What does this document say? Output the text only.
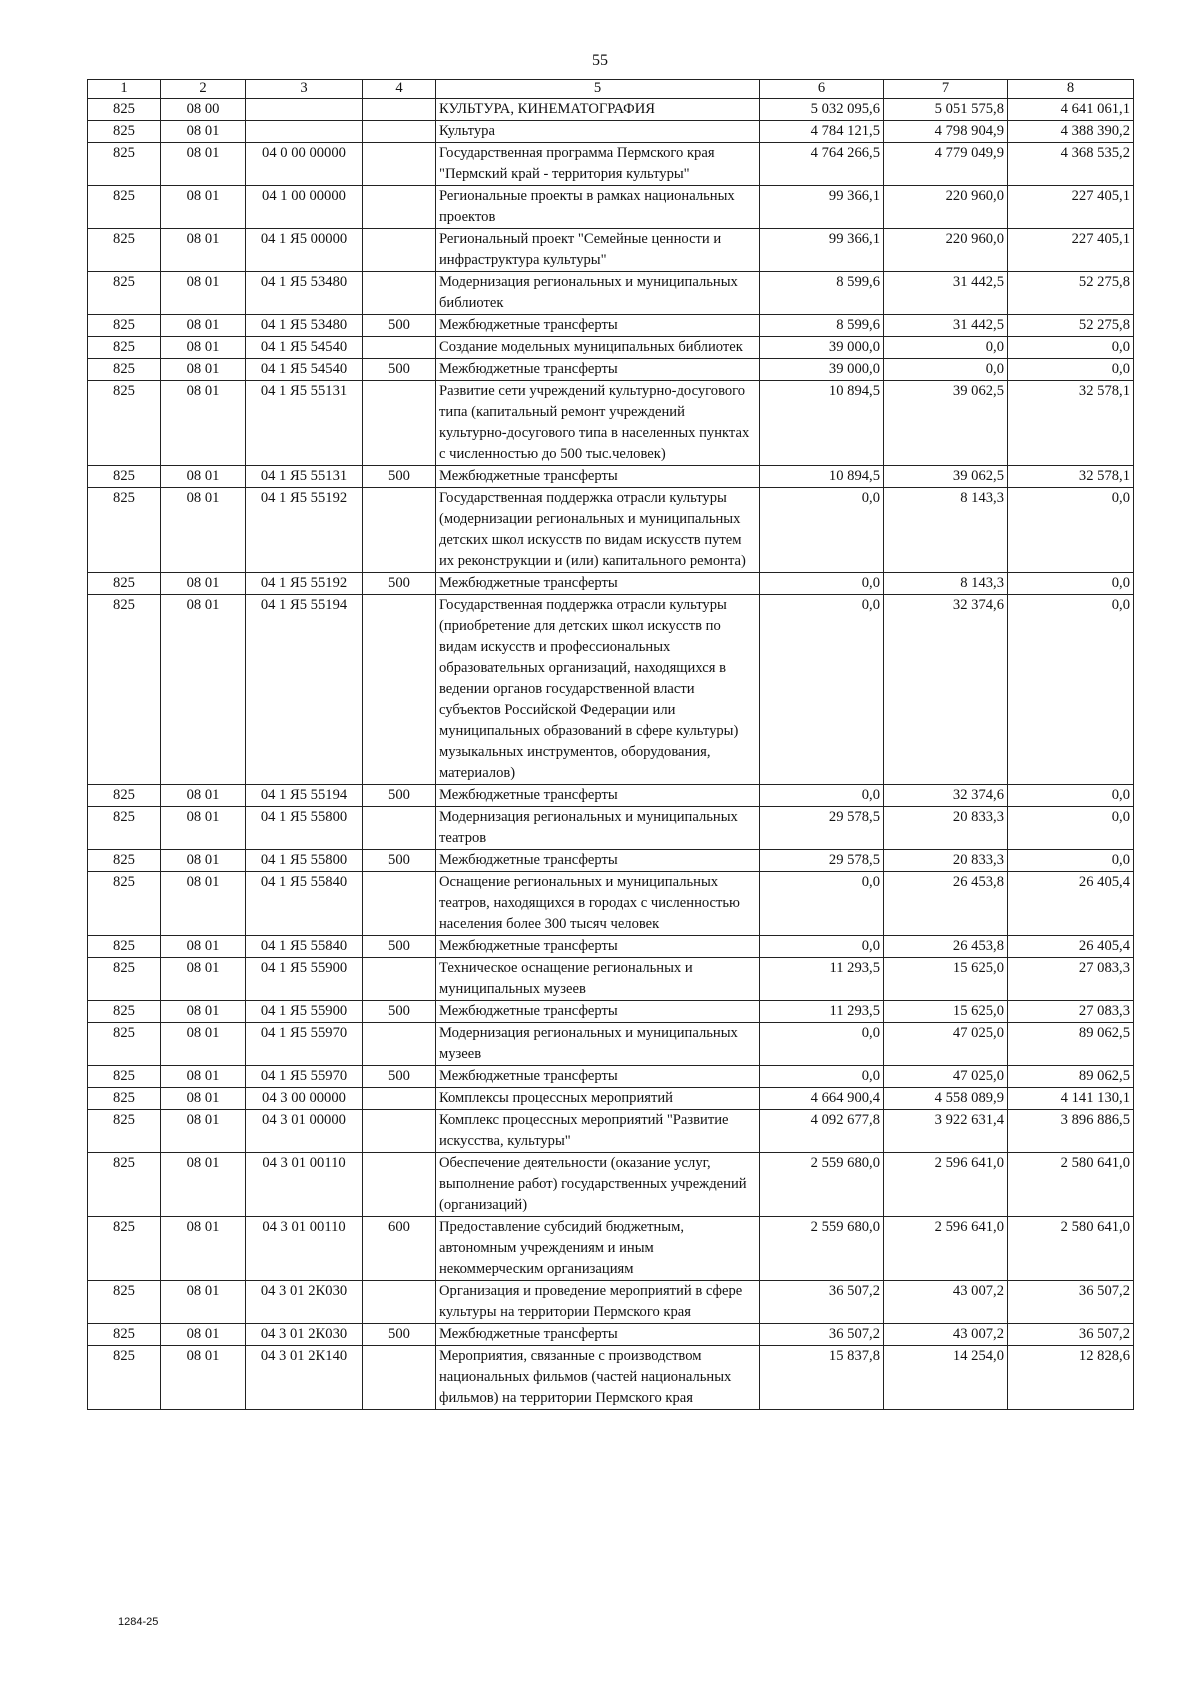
55
1	2	3	4	5	6	7	8
825	08 00			КУЛЬТУРА, КИНЕМАТОГРАФИЯ	5 032 095,6	5 051 575,8	4 641 061,1
825	08 01			Культура	4 784 121,5	4 798 904,9	4 388 390,2
825	08 01	04 0 00 00000		Государственная программа Пермского края "Пермский край - территория культуры"	4 764 266,5	4 779 049,9	4 368 535,2
825	08 01	04 1 00 00000		Региональные проекты в рамках национальных проектов	99 366,1	220 960,0	227 405,1
825	08 01	04 1 Я5 00000		Региональный проект "Семейные ценности и инфраструктура культуры"	99 366,1	220 960,0	227 405,1
825	08 01	04 1 Я5 53480		Модернизация региональных и муниципальных библиотек	8 599,6	31 442,5	52 275,8
825	08 01	04 1 Я5 53480	500	Межбюджетные трансферты	8 599,6	31 442,5	52 275,8
825	08 01	04 1 Я5 54540		Создание модельных муниципальных библиотек	39 000,0	0,0	0,0
825	08 01	04 1 Я5 54540	500	Межбюджетные трансферты	39 000,0	0,0	0,0
825	08 01	04 1 Я5 55131		Развитие сети учреждений культурно-досугового типа (капитальный ремонт учреждений культурно-досугового типа в населенных пунктах с численностью до 500 тыс.человек)	10 894,5	39 062,5	32 578,1
825	08 01	04 1 Я5 55131	500	Межбюджетные трансферты	10 894,5	39 062,5	32 578,1
825	08 01	04 1 Я5 55192		Государственная поддержка отрасли культуры (модернизации региональных и муниципальных детских школ искусств по видам искусств путем их реконструкции и (или) капитального ремонта)	0,0	8 143,3	0,0
825	08 01	04 1 Я5 55192	500	Межбюджетные трансферты	0,0	8 143,3	0,0
825	08 01	04 1 Я5 55194		Государственная поддержка отрасли культуры (приобретение для детских школ искусств по видам искусств и профессиональных образовательных организаций, находящихся в ведении органов государственной власти субъектов Российской Федерации или муниципальных образований в сфере культуры) музыкальных инструментов, оборудования, материалов)	0,0	32 374,6	0,0
825	08 01	04 1 Я5 55194	500	Межбюджетные трансферты	0,0	32 374,6	0,0
825	08 01	04 1 Я5 55800		Модернизация региональных и муниципальных театров	29 578,5	20 833,3	0,0
825	08 01	04 1 Я5 55800	500	Межбюджетные трансферты	29 578,5	20 833,3	0,0
825	08 01	04 1 Я5 55840		Оснащение региональных и муниципальных театров, находящихся в городах с численностью населения более 300 тысяч человек	0,0	26 453,8	26 405,4
825	08 01	04 1 Я5 55840	500	Межбюджетные трансферты	0,0	26 453,8	26 405,4
825	08 01	04 1 Я5 55900		Техническое оснащение региональных и муниципальных музеев	11 293,5	15 625,0	27 083,3
825	08 01	04 1 Я5 55900	500	Межбюджетные трансферты	11 293,5	15 625,0	27 083,3
825	08 01	04 1 Я5 55970		Модернизация региональных и муниципальных музеев	0,0	47 025,0	89 062,5
825	08 01	04 1 Я5 55970	500	Межбюджетные трансферты	0,0	47 025,0	89 062,5
825	08 01	04 3 00 00000		Комплексы процессных мероприятий	4 664 900,4	4 558 089,9	4 141 130,1
825	08 01	04 3 01 00000		Комплекс процессных мероприятий "Развитие искусства, культуры"	4 092 677,8	3 922 631,4	3 896 886,5
825	08 01	04 3 01 00110		Обеспечение деятельности (оказание услуг, выполнение работ) государственных учреждений (организаций)	2 559 680,0	2 596 641,0	2 580 641,0
825	08 01	04 3 01 00110	600	Предоставление субсидий бюджетным, автономным учреждениям и иным некоммерческим организациям	2 559 680,0	2 596 641,0	2 580 641,0
825	08 01	04 3 01 2К030		Организация и проведение мероприятий в сфере культуры на территории Пермского края	36 507,2	43 007,2	36 507,2
825	08 01	04 3 01 2К030	500	Межбюджетные трансферты	36 507,2	43 007,2	36 507,2
825	08 01	04 3 01 2К140		Мероприятия, связанные с производством национальных фильмов (частей национальных фильмов) на территории Пермского края	15 837,8	14 254,0	12 828,6
1284-25
